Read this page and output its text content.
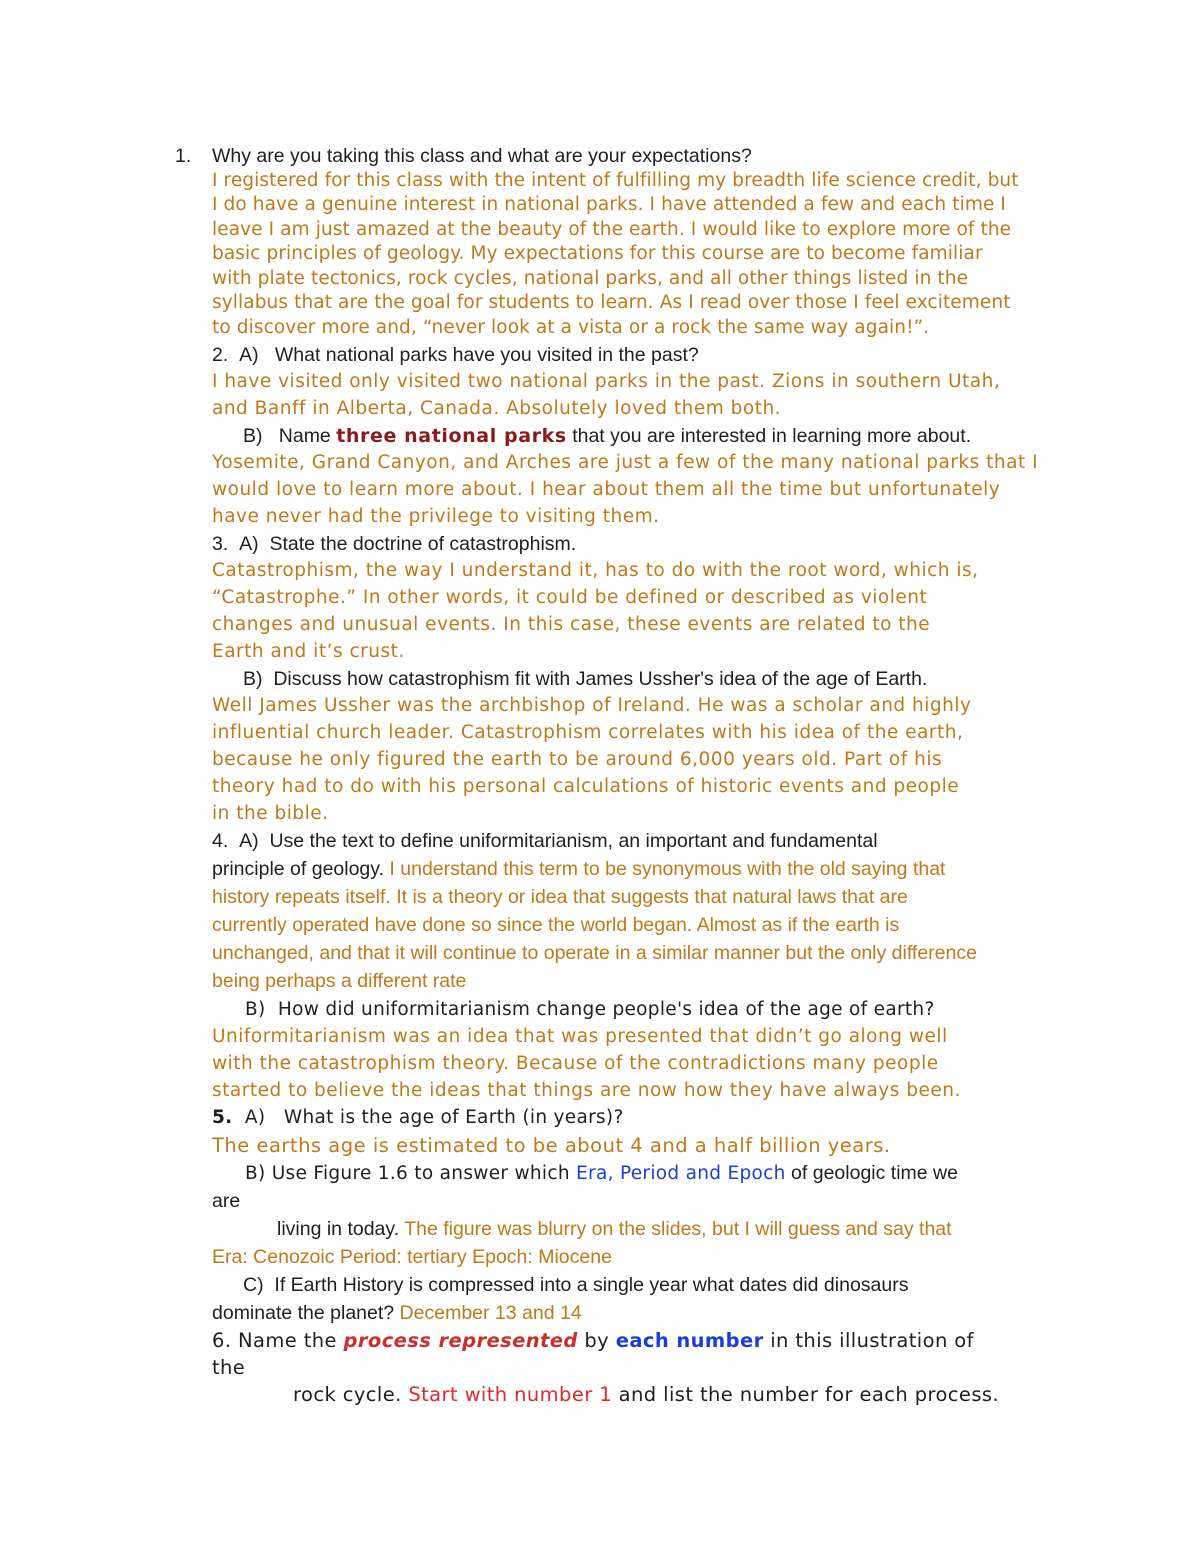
1. Why are you taking this class and what are your expectations?
I registered for this class with the intent of fulfilling my breadth life science credit, but
I do have a genuine interest in national parks. I have attended a few and each time I
leave I am just amazed at the beauty of the earth. I would like to explore more of the
basic principles of geology. My expectations for this course are to become familiar
with plate tectonics, rock cycles, national parks, and all other things listed in the
syllabus that are the goal for students to learn. As I read over those I feel excitement
to discover more and, “never look at a vista or a rock the same way again!”.
2. A) What national parks have you visited in the past?
I have visited only visited two national parks in the past. Zions in southern Utah,
and Banff in Alberta, Canada. Absolutely loved them both.
B) Name three national parks that you are interested in learning more about.
Yosemite, Grand Canyon, and Arches are just a few of the many national parks that I
would love to learn more about. I hear about them all the time but unfortunately
have never had the privilege to visiting them.
3. A) State the doctrine of catastrophism.
Catastrophism, the way I understand it, has to do with the root word, which is,
“Catastrophe.” In other words, it could be defined or described as violent
changes and unusual events. In this case, these events are related to the
Earth and it’s crust.
B) Discuss how catastrophism fit with James Ussher's idea of the age of Earth.
Well James Ussher was the archbishop of Ireland. He was a scholar and highly
influential church leader. Catastrophism correlates with his idea of the earth,
because he only figured the earth to be around 6,000 years old. Part of his
theory had to do with his personal calculations of historic events and people
in the bible.
4. A) Use the text to define uniformitarianism, an important and fundamental
principle of geology. I understand this term to be synonymous with the old saying that
history repeats itself. It is a theory or idea that suggests that natural laws that are
currently operated have done so since the world began. Almost as if the earth is
unchanged, and that it will continue to operate in a similar manner but the only difference
being perhaps a different rate
B) How did uniformitarianism change people's idea of the age of earth?
Uniformitarianism was an idea that was presented that didn’t go along well
with the catastrophism theory. Because of the contradictions many people
started to believe the ideas that things are now how they have always been.
5. A) What is the age of Earth (in years)?
The earths age is estimated to be about 4 and a half billion years.
B) Use Figure 1.6 to answer which Era, Period and Epoch of geologic time we
are
living in today. The figure was blurry on the slides, but I will guess and say that
Era: Cenozoic Period: tertiary Epoch: Miocene
C) If Earth History is compressed into a single year what dates did dinosaurs
dominate the planet? December 13 and 14
6. Name the process represented by each number in this illustration of
the
rock cycle. Start with number 1 and list the number for each process.
